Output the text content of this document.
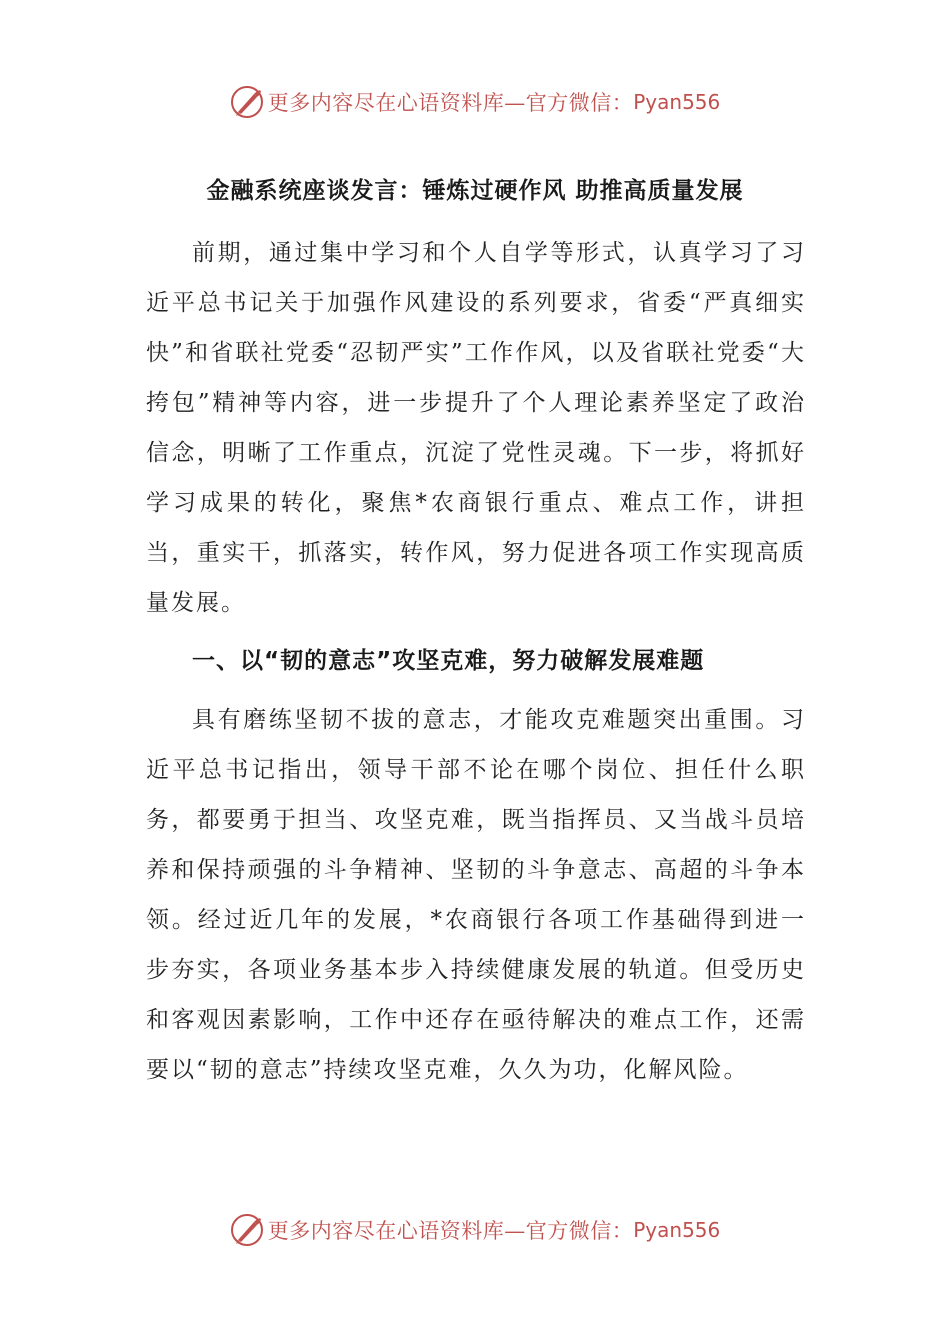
更多内容尽在心语资料库—官方微信： Pyan556
金融系统座谈发言：锤炼过硬作风 助推高质量发展
前期，通过集中学习和个人自学等形式，认真学习了习近平总书记关于加强作风建设的系列要求，省委“严真细实快”和省联社党委“忍韧严实”工作作风，以及省联社党委“大挎包”精神等内容，进一步提升了个人理论素养坚定了政治信念，明晰了工作重点，沉淀了党性灵魂。下一步，将抓好学习成果的转化，聚焦*农商银行重点、难点工作，讲担当，重实干，抓落实，转作风，努力促进各项工作实现高质量发展。
一、以“韧的意志”攻坚克难，努力破解发展难题
具有磨练坚韧不拔的意志，才能攻克难题突出重围。习近平总书记指出，领导干部不论在哪个岗位、担任什么职务，都要勇于担当、攻坚克难，既当指挥员、又当战斗员培养和保持顽强的斗争精神、坚韧的斗争意志、高超的斗争本领。经过近几年的发展，*农商银行各项工作基础得到进一步夯实，各项业务基本步入持续健康发展的轨道。但受历史和客观因素影响，工作中还存在亟待解决的难点工作，还需要以“韧的意志”持续攻坚克难，久久为功，化解风险。
更多内容尽在心语资料库—官方微信： Pyan556
